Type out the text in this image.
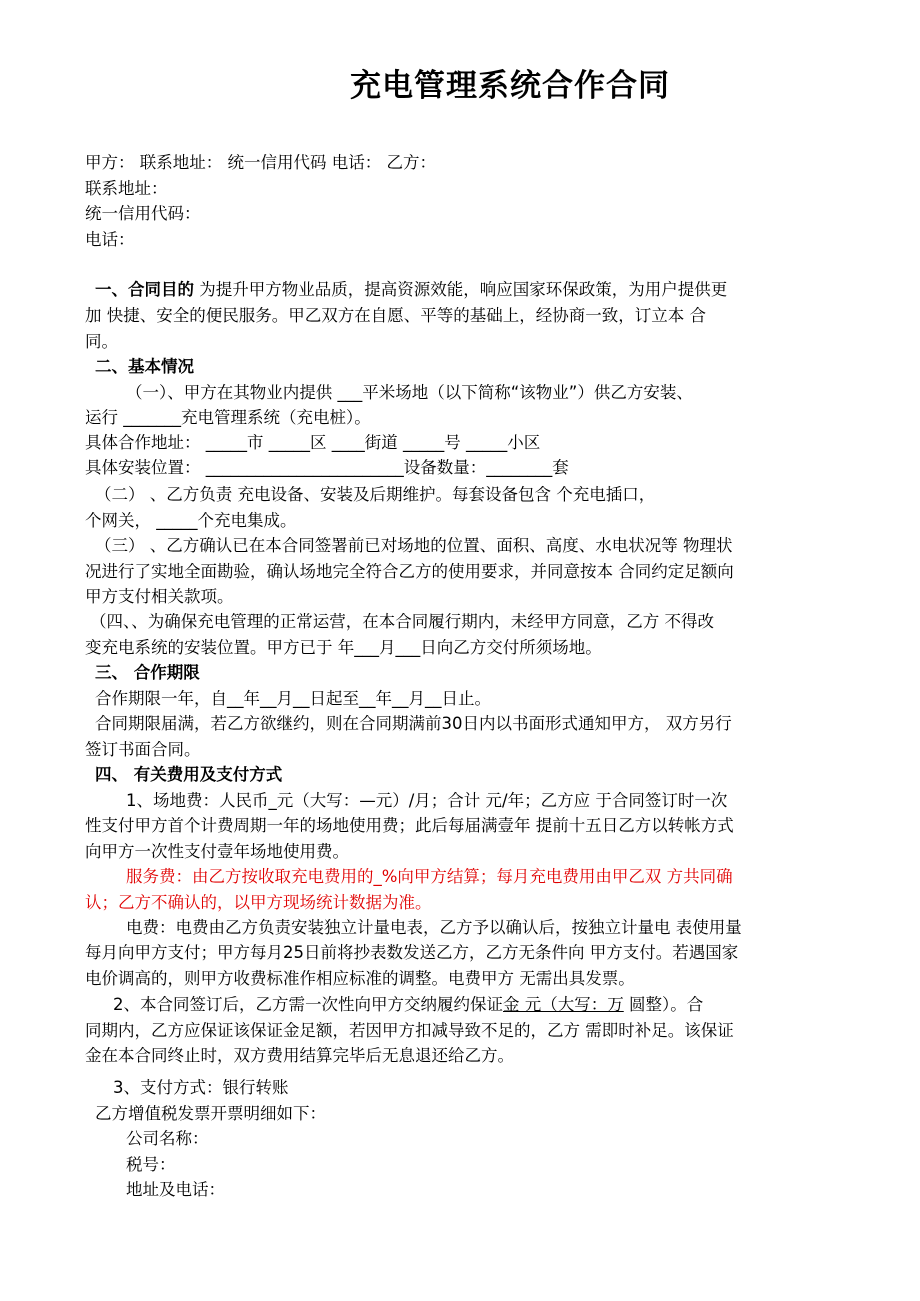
充电管理系统合作合同
甲方： 联系地址： 统一信用代码 电话： 乙方：
联系地址：
统一信用代码：
电话：
一、合同目的 为提升甲方物业品质，提高资源效能，响应国家环保政策，为用户提供更
加 快捷、安全的便民服务。甲乙双方在自愿、平等的基础上，经协商一致，订立本 合
同。
二、基本情况
（一）、甲方在其物业内提供 ___平米场地（以下简称“该物业”）供乙方安装、
运行 _______充电管理系统（充电桩）。
具体合作地址： _____市 _____区 ____街道 _____号 _____小区
具体安装位置： ________________________设备数量：________套
（二） 、乙方负责 充电设备、安装及后期维护。每套设备包含 个充电插口，
个网关， _____个充电集成。
（三） 、乙方确认已在本合同签署前已对场地的位置、面积、高度、水电状况等 物理状
况进行了实地全面勘验，确认场地完全符合乙方的使用要求，并同意按本 合同约定足额向
甲方支付相关款项。
（四、、为确保充电管理的正常运营，在本合同履行期内，未经甲方同意，乙方 不得改
变充电系统的安装位置。甲方已于 年___月___日向乙方交付所须场地。
三、 合作期限
合作期限一年，自__年__月__日起至__年__月__日止。
合同期限届满，若乙方欲继约，则在合同期满前30日内以书面形式通知甲方， 双方另行
签订书面合同。
四、 有关费用及支付方式
1、场地费：人民币_元（大写：—元）/月；合计 元/年；乙方应 于合同签订时一次
性支付甲方首个计费周期一年的场地使用费；此后每届满壹年 提前十五日乙方以转帐方式
向甲方一次性支付壹年场地使用费。
服务费：由乙方按收取充电费用的_%向甲方结算；每月充电费用由甲乙双 方共同确
认；乙方不确认的，以甲方现场统计数据为准。
电费：电费由乙方负责安装独立计量电表，乙方予以确认后，按独立计量电 表使用量
每月向甲方支付；甲方每月25日前将抄表数发送乙方，乙方无条件向 甲方支付。若遇国家
电价调高的，则甲方收费标准作相应标准的调整。电费甲方 无需出具发票。
2、本合同签订后，乙方需一次性向甲方交纳履约保证金 元（大写：万 圆整）。合
同期内，乙方应保证该保证金足额，若因甲方扣减导致不足的，乙方 需即时补足。该保证
金在本合同终止时，双方费用结算完毕后无息退还给乙方。
3、支付方式：银行转账
乙方增值税发票开票明细如下：
公司名称：
税号：
地址及电话：
